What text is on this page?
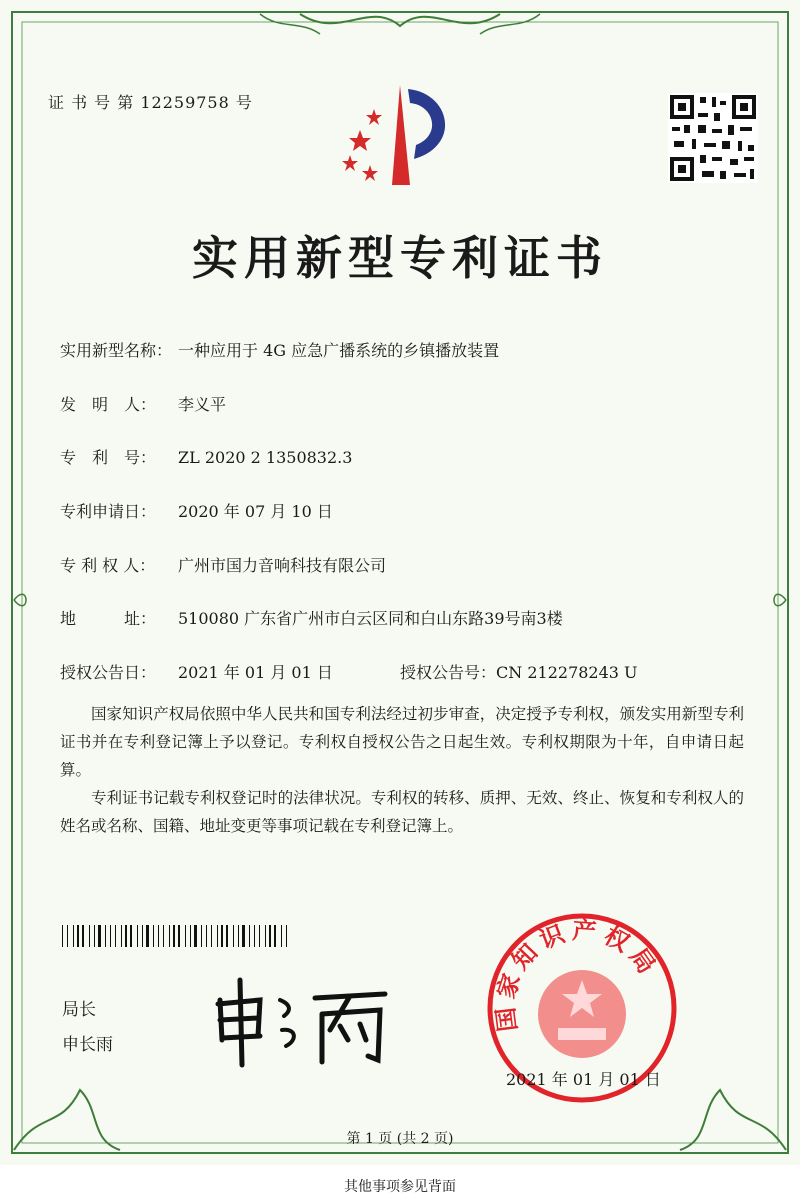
证 书 号 第 12259758 号
实用新型专利证书
实用新型名称： 一种应用于 4G 应急广播系统的乡镇播放装置
发　明　人： 李义平
专　利　号： ZL 2020 2 1350832.3
专利申请日： 2020 年 07 月 10 日
专 利 权 人： 广州市国力音响科技有限公司
地　　　址： 510080 广东省广州市白云区同和白山东路39号南3楼
授权公告日： 2021 年 01 月 01 日	授权公告号：CN 212278243 U
国家知识产权局依照中华人民共和国专利法经过初步审查，决定授予专利权，颁发实用新型专利证书并在专利登记簿上予以登记。专利权自授权公告之日起生效。专利权期限为十年，自申请日起算。
专利证书记载专利权登记时的法律状况。专利权的转移、质押、无效、终止、恢复和专利权人的姓名或名称、国籍、地址变更等事项记载在专利登记簿上。
局长
申长雨
国家知识产权局
2021 年 01 月 01 日
第 1 页 (共 2 页)
其他事项参见背面
